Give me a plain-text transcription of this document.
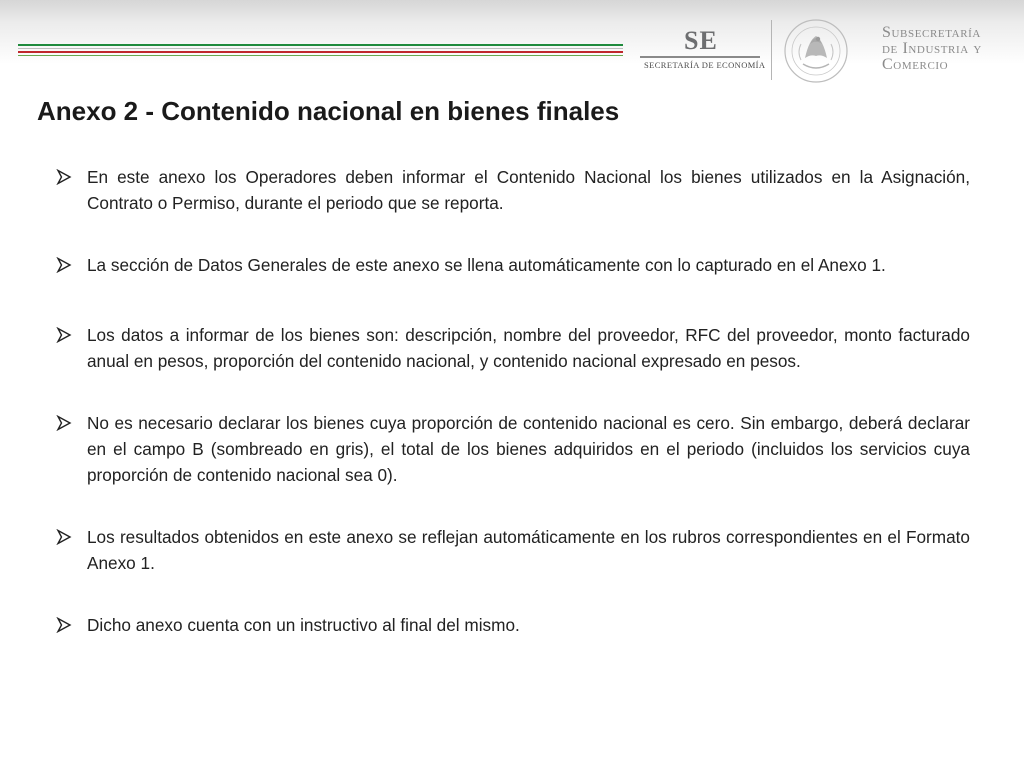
SE
SECRETARÍA DE ECONOMÍA
Subsecretaría
de Industria y
Comercio
Anexo 2 - Contenido nacional en bienes finales
En este anexo los Operadores deben informar el Contenido Nacional los bienes utilizados en la Asignación, Contrato o Permiso, durante el periodo que se reporta.
La sección de Datos Generales de este anexo se llena automáticamente con lo capturado en el Anexo 1.
Los datos a informar de los bienes son: descripción, nombre del proveedor, RFC del proveedor, monto facturado anual en pesos, proporción del contenido nacional, y contenido nacional expresado en pesos.
No es necesario declarar los bienes cuya proporción de contenido nacional es cero. Sin embargo, deberá declarar en el campo B (sombreado en gris), el total de los bienes adquiridos en el periodo (incluidos los servicios cuya proporción de contenido nacional sea 0).
Los resultados obtenidos en este anexo se reflejan automáticamente en los rubros correspondientes en el Formato Anexo 1.
Dicho anexo cuenta con un instructivo al final del mismo.
